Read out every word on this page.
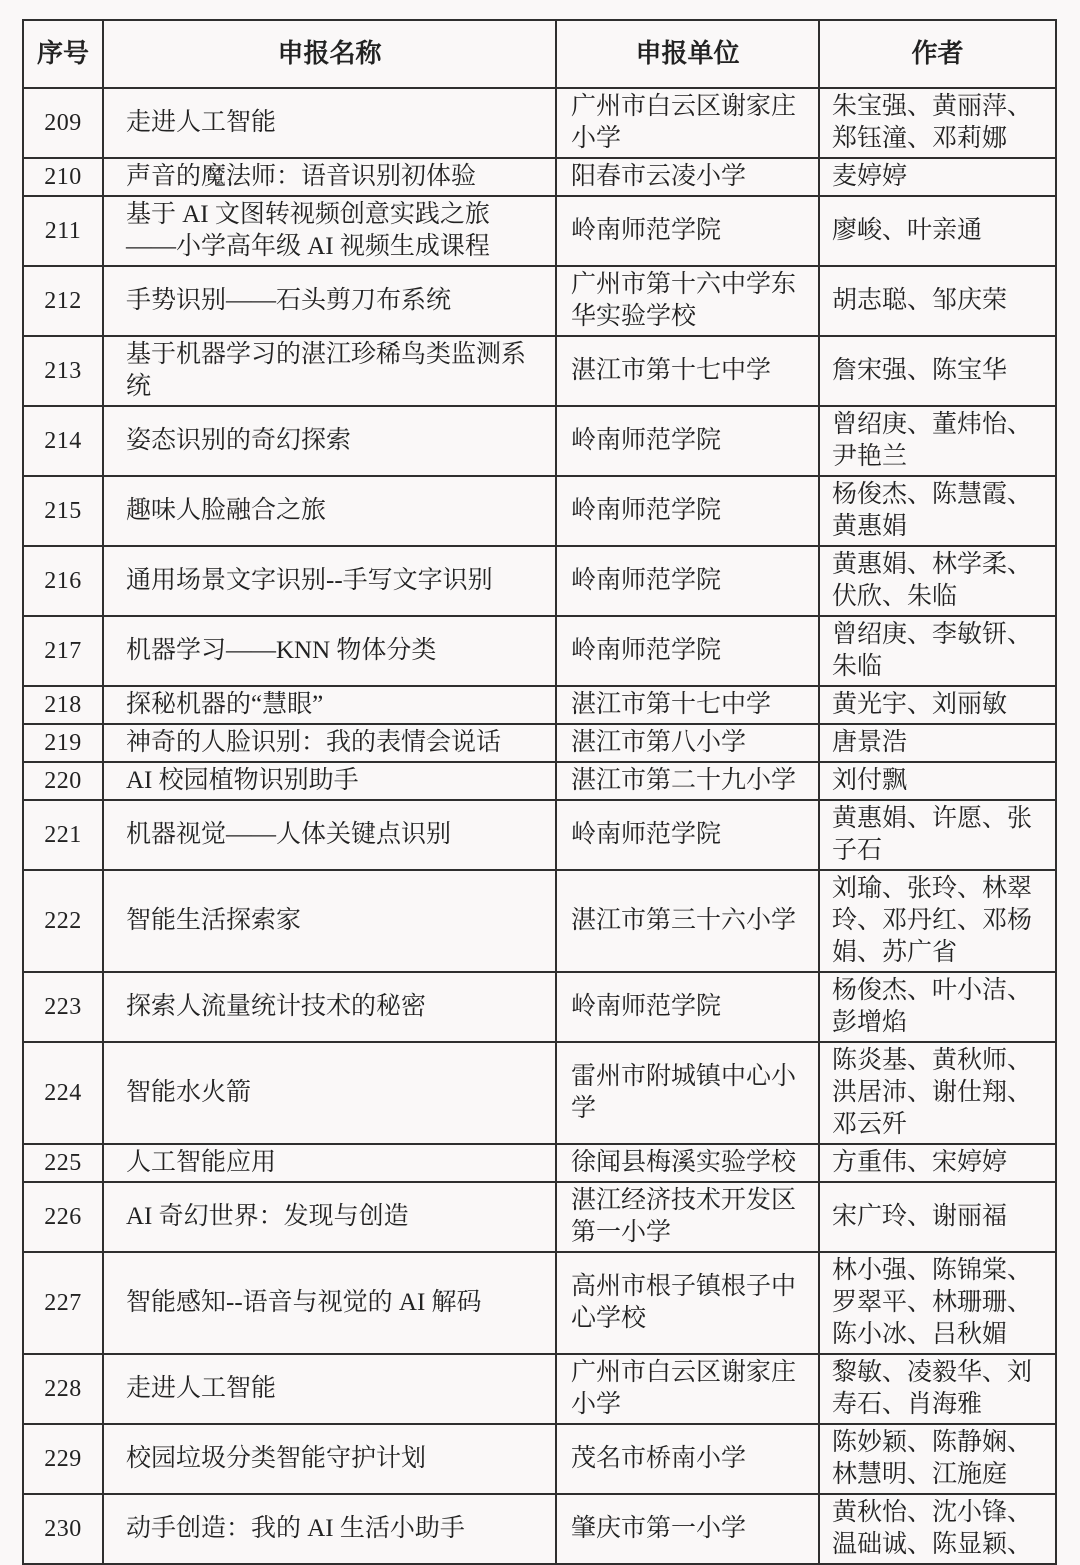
序号	申报名称	申报单位	作者
209	走进人工智能	广州市白云区谢家庄小学	朱宝强、黄丽萍、郑钰潼、邓莉娜
210	声音的魔法师：语音识别初体验	阳春市云凌小学	麦婷婷
211	基于 AI 文图转视频创意实践之旅——小学高年级 AI 视频生成课程	岭南师范学院	廖峻、叶亲通
212	手势识别——石头剪刀布系统	广州市第十六中学东华实验学校	胡志聪、邹庆荣
213	基于机器学习的湛江珍稀鸟类监测系统	湛江市第十七中学	詹宋强、陈宝华
214	姿态识别的奇幻探索	岭南师范学院	曾绍庚、董炜怡、尹艳兰
215	趣味人脸融合之旅	岭南师范学院	杨俊杰、陈慧霞、黄惠娟
216	通用场景文字识别--手写文字识别	岭南师范学院	黄惠娟、林学柔、伏欣、朱临
217	机器学习——KNN 物体分类	岭南师范学院	曾绍庚、李敏钘、朱临
218	探秘机器的“慧眼”	湛江市第十七中学	黄光宇、刘丽敏
219	神奇的人脸识别：我的表情会说话	湛江市第八小学	唐景浩
220	AI 校园植物识别助手	湛江市第二十九小学	刘付飘
221	机器视觉——人体关键点识别	岭南师范学院	黄惠娟、许愿、张子石
222	智能生活探索家	湛江市第三十六小学	刘瑜、张玲、林翠玲、邓丹红、邓杨娟、苏广省
223	探索人流量统计技术的秘密	岭南师范学院	杨俊杰、叶小洁、彭增焰
224	智能水火箭	雷州市附城镇中心小学	陈炎基、黄秋师、洪居沛、谢仕翔、邓云歼
225	人工智能应用	徐闻县梅溪实验学校	方重伟、宋婷婷
226	AI 奇幻世界：发现与创造	湛江经济技术开发区第一小学	宋广玲、谢丽福
227	智能感知--语音与视觉的 AI 解码	高州市根子镇根子中心学校	林小强、陈锦棠、罗翠平、林珊珊、陈小冰、吕秋媚
228	走进人工智能	广州市白云区谢家庄小学	黎敏、凌毅华、刘寿石、肖海雅
229	校园垃圾分类智能守护计划	茂名市桥南小学	陈妙颖、陈静娴、林慧明、江施庭
230	动手创造：我的 AI 生活小助手	肇庆市第一小学	黄秋怡、沈小锋、温础诚、陈显颖、
